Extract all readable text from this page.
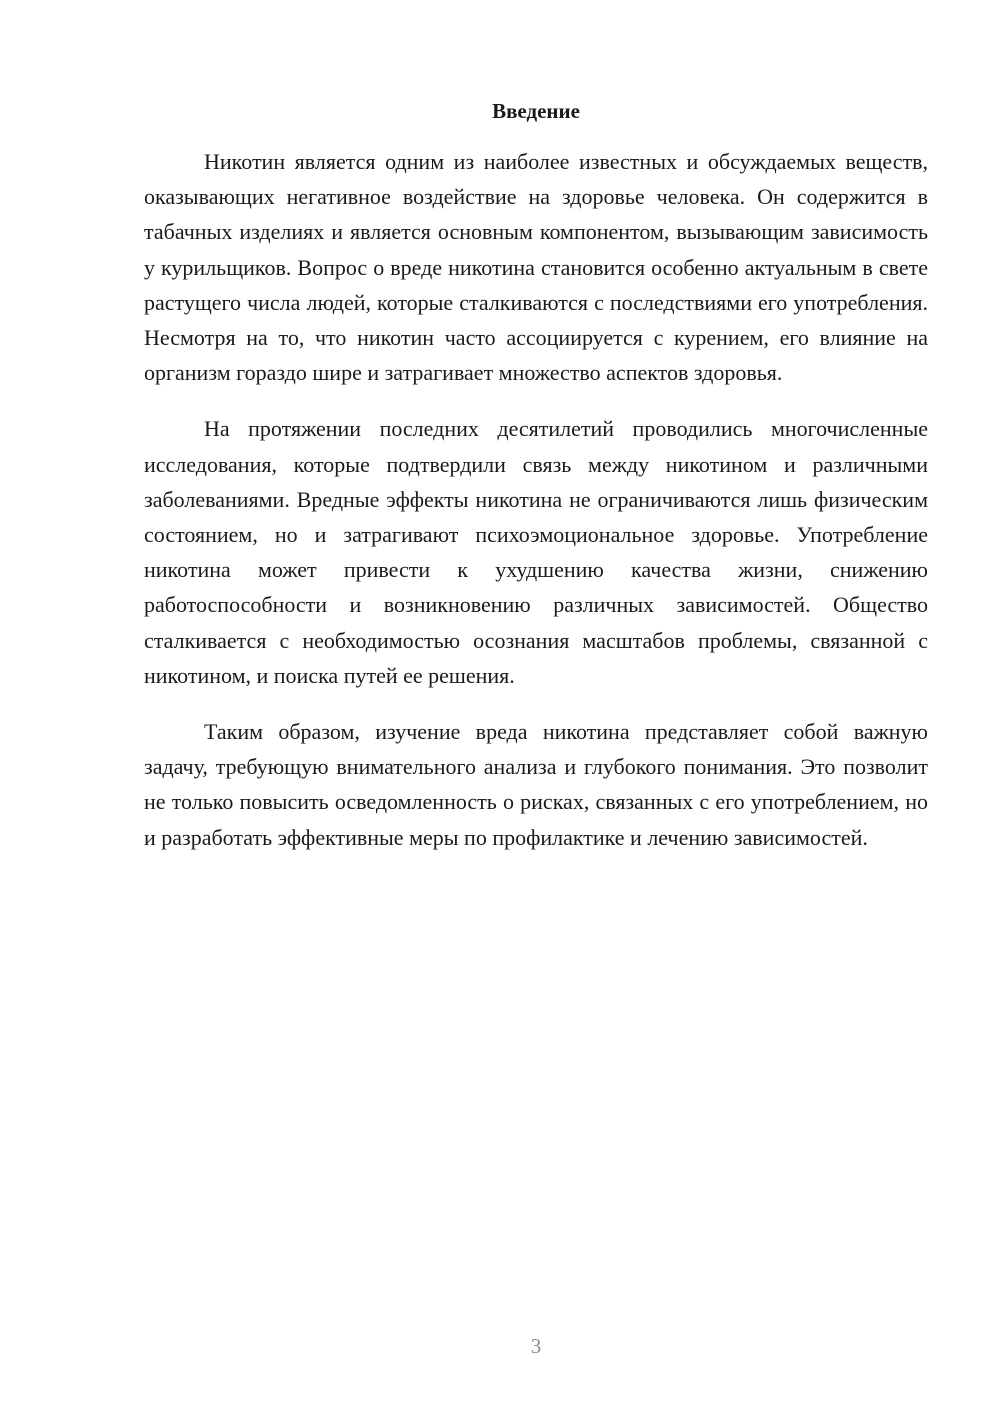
Введение

Никотин является одним из наиболее известных и обсуждаемых веществ, оказывающих негативное воздействие на здоровье человека. Он содержится в табачных изделиях и является основным компонентом, вызывающим зависимость у курильщиков. Вопрос о вреде никотина становится особенно актуальным в свете растущего числа людей, которые сталкиваются с последствиями его употребления. Несмотря на то, что никотин часто ассоциируется с курением, его влияние на организм гораздо шире и затрагивает множество аспектов здоровья.

На протяжении последних десятилетий проводились многочисленные исследования, которые подтвердили связь между никотином и различными заболеваниями. Вредные эффекты никотина не ограничиваются лишь физическим состоянием, но и затрагивают психоэмоциональное здоровье. Употребление никотина может привести к ухудшению качества жизни, снижению работоспособности и возникновению различных зависимостей. Общество сталкивается с необходимостью осознания масштабов проблемы, связанной с никотином, и поиска путей ее решения.

Таким образом, изучение вреда никотина представляет собой важную задачу, требующую внимательного анализа и глубокого понимания. Это позволит не только повысить осведомленность о рисках, связанных с его употреблением, но и разработать эффективные меры по профилактике и лечению зависимостей.

3
